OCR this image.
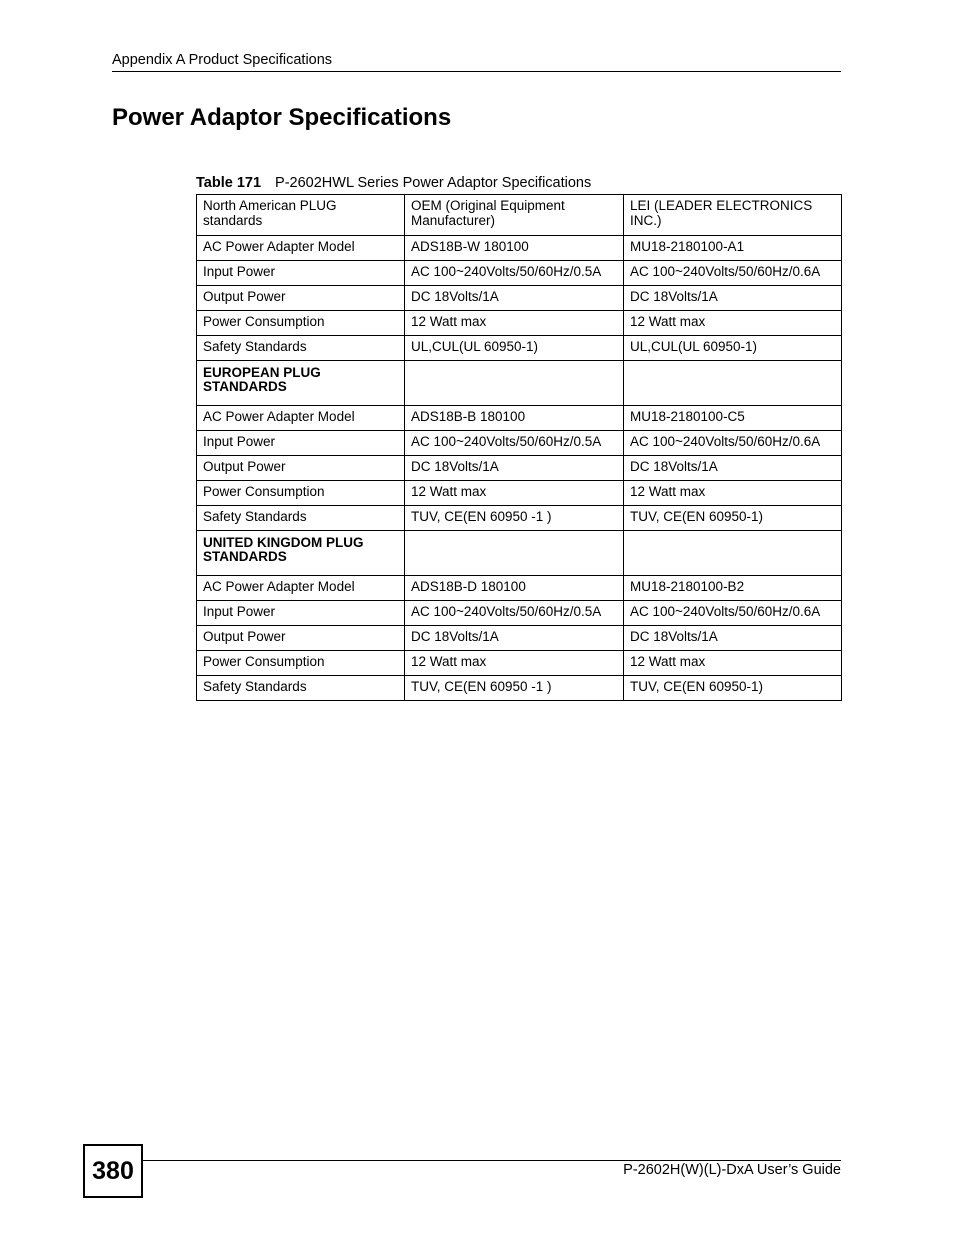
Appendix A Product Specifications
Power Adaptor Specifications
Table 171 P-2602HWL Series Power Adaptor Specifications
North American PLUG standards	OEM (Original Equipment Manufacturer)	LEI (LEADER ELECTRONICS INC.)
AC Power Adapter Model	ADS18B-W 180100	MU18-2180100-A1
Input Power	AC 100~240Volts/50/60Hz/0.5A	AC 100~240Volts/50/60Hz/0.6A
Output Power	DC 18Volts/1A	DC 18Volts/1A
Power Consumption	12 Watt max	12 Watt max
Safety Standards	UL,CUL(UL 60950-1)	UL,CUL(UL 60950-1)
EUROPEAN PLUG STANDARDS		
AC Power Adapter Model	ADS18B-B 180100	MU18-2180100-C5
Input Power	AC 100~240Volts/50/60Hz/0.5A	AC 100~240Volts/50/60Hz/0.6A
Output Power	DC 18Volts/1A	DC 18Volts/1A
Power Consumption	12 Watt max	12 Watt max
Safety Standards	TUV, CE(EN 60950 -1 )	TUV, CE(EN 60950-1)
UNITED KINGDOM PLUG STANDARDS		
AC Power Adapter Model	ADS18B-D 180100	MU18-2180100-B2
Input Power	AC 100~240Volts/50/60Hz/0.5A	AC 100~240Volts/50/60Hz/0.6A
Output Power	DC 18Volts/1A	DC 18Volts/1A
Power Consumption	12 Watt max	12 Watt max
Safety Standards	TUV, CE(EN 60950 -1 )	TUV, CE(EN 60950-1)
380	P-2602H(W)(L)-DxA User’s Guide
